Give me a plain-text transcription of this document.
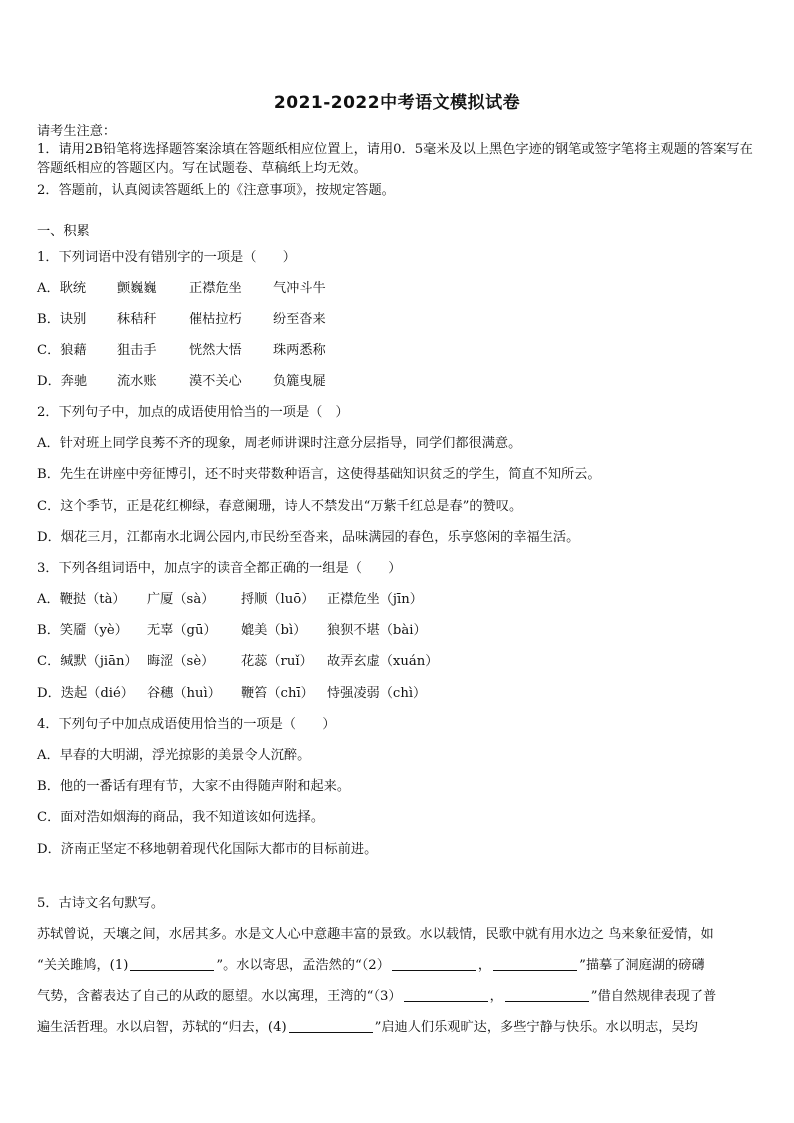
2021-2022中考语文模拟试卷
请考生注意：
1．请用2B铅笔将选择题答案涂填在答题纸相应位置上，请用0．5毫米及以上黑色字迹的钢笔或签字笔将主观题的答案写在答题纸相应的答题区内。写在试题卷、草稿纸上均无效。
2．答题前，认真阅读答题纸上的《注意事项》，按规定答题。
一、积累
1．下列词语中没有错别字的一项是（　　）
A．耿统 颤巍巍 正襟危坐 气冲斗牛
B．诀别 秣秸秆 催枯拉朽 纷至沓来
C．狼藉 狙击手 恍然大悟 珠两悉称
D．奔驰 流水账 漠不关心 负簏曳屣
2．下列句子中，加点的成语使用恰当的一项是（　）
A．针对班上同学良莠不齐的现象，周老师讲课时注意分层指导，同学们都很满意。
B．先生在讲座中旁征博引，还不时夹带数种语言，这使得基础知识贫乏的学生，简直不知所云。
C．这个季节，正是花红柳绿，春意阑珊，诗人不禁发出“万紫千红总是春”的赞叹。
D．烟花三月，江都南水北调公园内,市民纷至沓来，品味满园的春色，乐享悠闲的幸福生活。
3．下列各组词语中，加点字的读音全都正确的一组是（　　）
A．鞭挞（tà） 广厦（sà） 捋顺（luō） 正襟危坐（jīn）
B．笑靥（yè） 无辜（gū） 媲美（bì） 狼狈不堪（bài）
C．缄默（jiān） 晦涩（sè） 花蕊（ruǐ） 故弄玄虚（xuán）
D．迭起（dié） 谷穗（huì） 鞭笞（chī） 恃强凌弱（chì）
4．下列句子中加点成语使用恰当的一项是（　　）
A．早春的大明湖，浮光掠影的美景令人沉醉。
B．他的一番话有理有节，大家不由得随声附和起来。
C．面对浩如烟海的商品，我不知道该如何选择。
D．济南正坚定不移地朝着现代化国际大都市的目标前进。
5．古诗文名句默写。
苏轼曾说，天壤之间，水居其多。水是文人心中意趣丰富的景致。水以载情，民歌中就有用水边之 鸟来象征爱情，如
“关关雎鸠，(1)	”。水以寄思，孟浩然的“（2）	，	”描摹了洞庭湖的磅礴
气势，含蓄表达了自己的从政的愿望。水以寓理，王湾的“（3）	，	”借自然规律表现了普
遍生活哲理。水以启智，苏轼的“归去，(4)	”启迪人们乐观旷达，多些宁静与快乐。水以明志，吴均
